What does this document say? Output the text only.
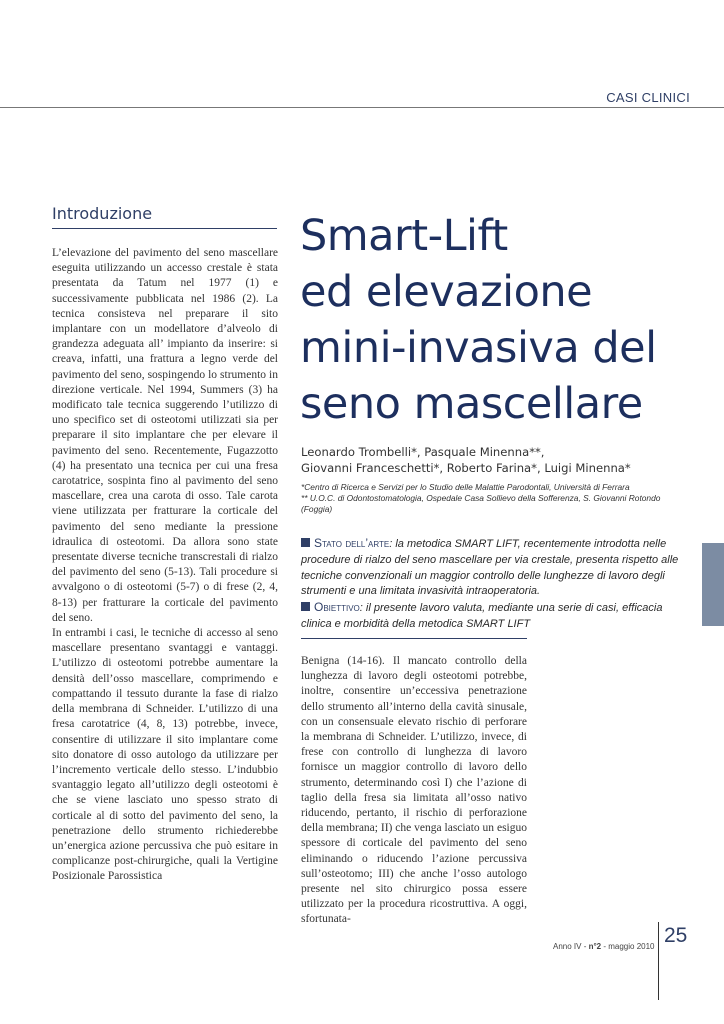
CASI CLINICI
Introduzione

L’elevazione del pavimento del seno mascellare eseguita utilizzando un accesso crestale è stata presentata da Tatum nel 1977 (1) e successivamente pubblicata nel 1986 (2). La tecnica consisteva nel preparare il sito implantare con un modellatore d’alveolo di grandezza adeguata all’ impianto da inserire: si creava, infatti, una frattura a legno verde del pavimento del seno, sospingendo lo strumento in direzione verticale. Nel 1994, Summers (3) ha modificato tale tecnica suggerendo l’utilizzo di uno specifico set di osteotomi utilizzati sia per preparare il sito implantare che per elevare il pavimento del seno. Recentemente, Fugazzotto (4) ha presentato una tecnica per cui una fresa carotatrice, sospinta fino al pavimento del seno mascellare, crea una carota di osso. Tale carota viene utilizzata per fratturare la corticale del pavimento del seno mediante la pressione idraulica di osteotomi. Da allora sono state presentate diverse tecniche transcrestali di rialzo del pavimento del seno (5-13). Tali procedure si avvalgono o di osteotomi (5-7) o di frese (2, 4, 8-13) per fratturare la corticale del pavimento del seno.

In entrambi i casi, le tecniche di accesso al seno mascellare presentano svantaggi e vantaggi. L’utilizzo di osteotomi potrebbe aumentare la densità dell’osso mascellare, comprimendo e compattando il tessuto durante la fase di rialzo della membrana di Schneider. L’utilizzo di una fresa carotatrice (4, 8, 13) potrebbe, invece, consentire di utilizzare il sito implantare come sito donatore di osso autologo da utilizzare per l’incremento verticale dello stesso. L’indubbio svantaggio legato all’utilizzo degli osteotomi è che se viene lasciato uno spesso strato di corticale al di sotto del pavimento del seno, la penetrazione dello strumento richiederebbe un’energica azione percussiva che può esitare in complicanze post-chirurgiche, quali la Vertigine Posizionale Parossistica

Smart-Lift
ed elevazione
mini-invasiva del
seno mascellare
Leonardo Trombelli*, Pasquale Minenna**,
Giovanni Franceschetti*, Roberto Farina*, Luigi Minenna*
*Centro di Ricerca e Servizi per lo Studio delle Malattie Parodontali, Università di Ferrara
** U.O.C. di Odontostomatologia, Ospedale Casa Sollievo della Sofferenza, S. Giovanni Rotondo (Foggia)

Stato dell’arte: la metodica SMART LIFT, recentemente introdotta nelle procedure di rialzo del seno mascellare per via crestale, presenta rispetto alle tecniche convenzionali un maggior controllo delle lunghezze di lavoro degli strumenti e una limitata invasività intraoperatoria.

Obiettivo: il presente lavoro valuta, mediante una serie di casi, efficacia clinica e morbidità della metodica SMART LIFT

Benigna (14-16). Il mancato controllo della lunghezza di lavoro degli osteotomi potrebbe, inoltre, consentire un’eccessiva penetrazione dello strumento all’interno della cavità sinusale, con un consensuale elevato rischio di perforare la membrana di Schneider. L’utilizzo, invece, di frese con controllo di lunghezza di lavoro fornisce un maggior controllo di lavoro dello strumento, determinando così I) che l’azione di taglio della fresa sia limitata all’osso nativo riducendo, pertanto, il rischio di perforazione della membrana; II) che venga lasciato un esiguo spessore di corticale del pavimento del seno eliminando o riducendo l’azione percussiva sull’osteotomo; III) che anche l’osso autologo presente nel sito chirurgico possa essere utilizzato per la procedura ricostruttiva. A oggi, sfortunata-

Anno IV - n°2 - maggio 2010 25
